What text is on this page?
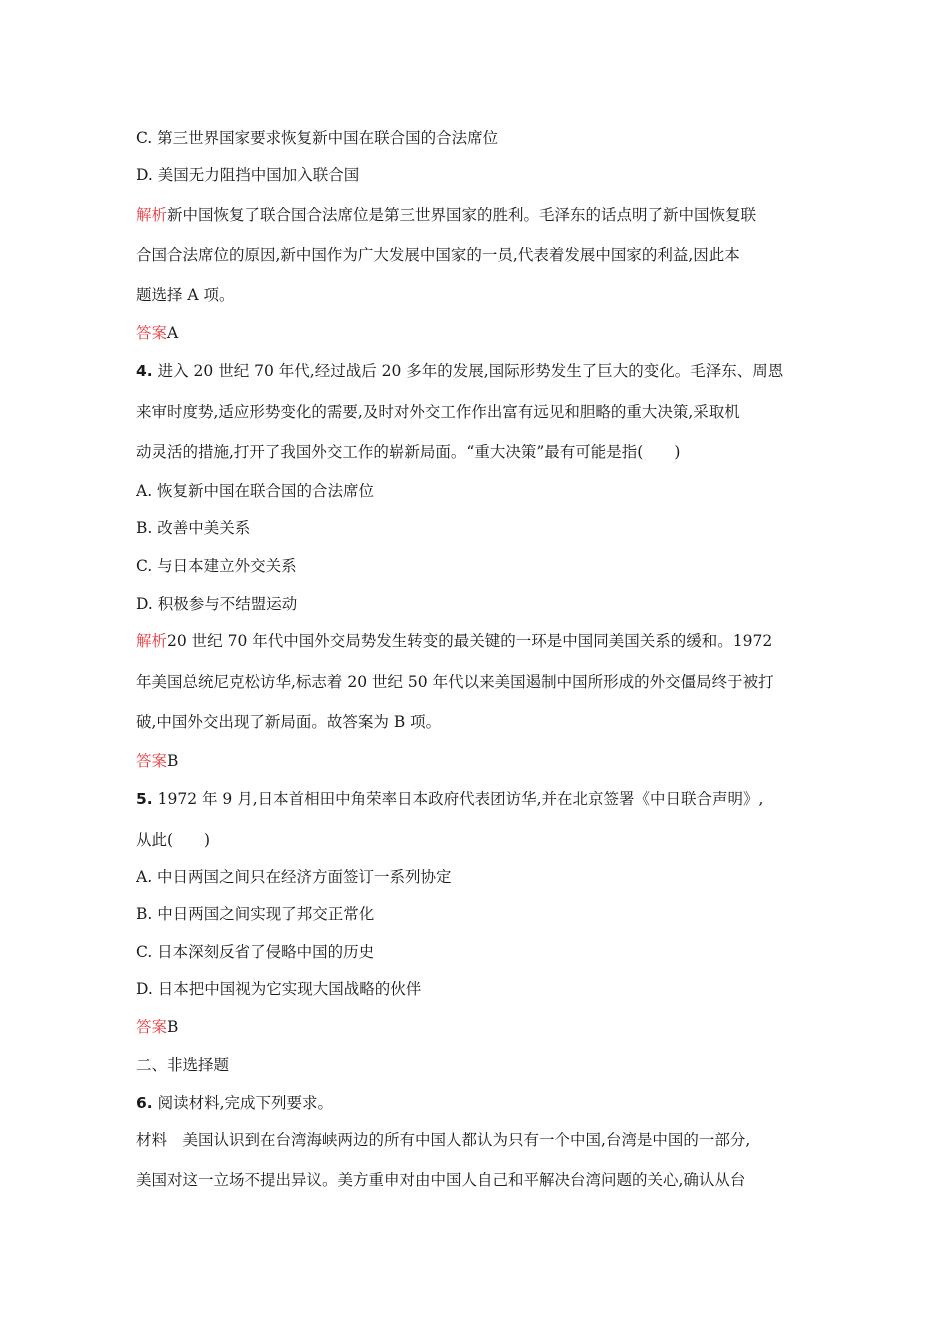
C. 第三世界国家要求恢复新中国在联合国的合法席位
D. 美国无力阻挡中国加入联合国
解析新中国恢复了联合国合法席位是第三世界国家的胜利。毛泽东的话点明了新中国恢复联
合国合法席位的原因,新中国作为广大发展中国家的一员,代表着发展中国家的利益,因此本
题选择 A 项。
答案A
4. 进入 20 世纪 70 年代,经过战后 20 多年的发展,国际形势发生了巨大的变化。毛泽东、周恩
来审时度势,适应形势变化的需要,及时对外交工作作出富有远见和胆略的重大决策,采取机
动灵活的措施,打开了我国外交工作的崭新局面。“重大决策”最有可能是指(　　)
A. 恢复新中国在联合国的合法席位
B. 改善中美关系
C. 与日本建立外交关系
D. 积极参与不结盟运动
解析20 世纪 70 年代中国外交局势发生转变的最关键的一环是中国同美国关系的缓和。1972
年美国总统尼克松访华,标志着 20 世纪 50 年代以来美国遏制中国所形成的外交僵局终于被打
破,中国外交出现了新局面。故答案为 B 项。
答案B
5. 1972 年 9 月,日本首相田中角荣率日本政府代表团访华,并在北京签署《中日联合声明》,
从此(　　)
A. 中日两国之间只在经济方面签订一系列协定
B. 中日两国之间实现了邦交正常化
C. 日本深刻反省了侵略中国的历史
D. 日本把中国视为它实现大国战略的伙伴
答案B
二、非选择题
6. 阅读材料,完成下列要求。
材料　美国认识到在台湾海峡两边的所有中国人都认为只有一个中国,台湾是中国的一部分,
美国对这一立场不提出异议。美方重申对由中国人自己和平解决台湾问题的关心,确认从台
